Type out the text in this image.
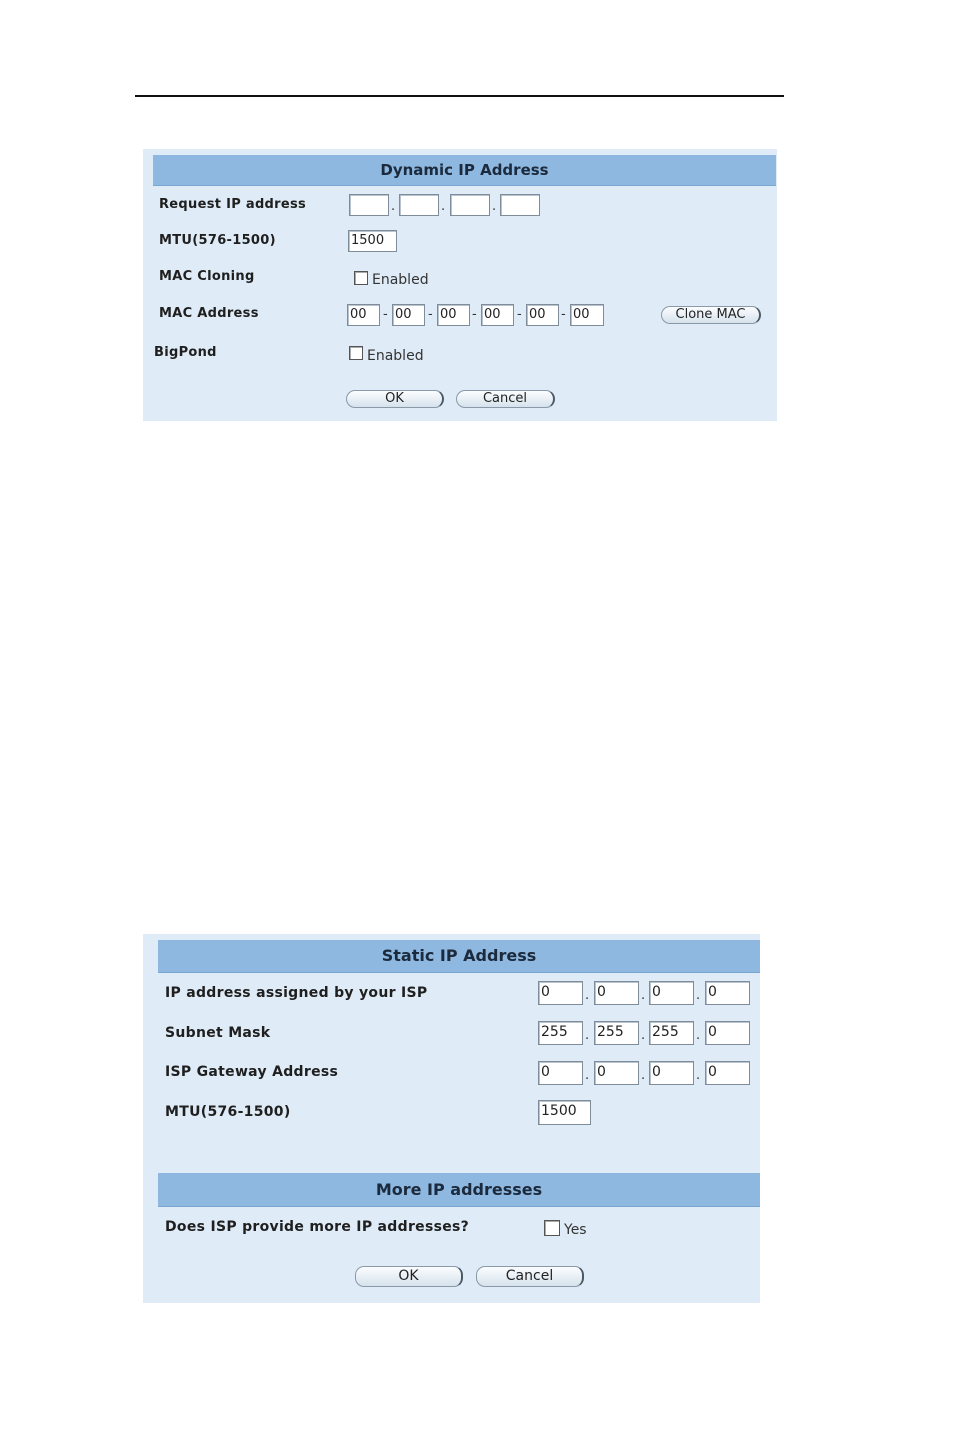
Dynamic IP Address
Request IP address	.	.	.
MTU(576-1500)	1500
MAC Cloning	Enabled
MAC Address	00	- 00	- 00	- 00	- 00	- 00	Clone MAC
BigPond	Enabled
OK	Cancel
Static IP Address
IP address assigned by your ISP	0	. 0	. 0	. 0
Subnet Mask	255	. 255	. 255	. 0
ISP Gateway Address	0	. 0	. 0	. 0
MTU(576-1500)	1500
More IP addresses
Does ISP provide more IP addresses?	Yes
OK	Cancel
